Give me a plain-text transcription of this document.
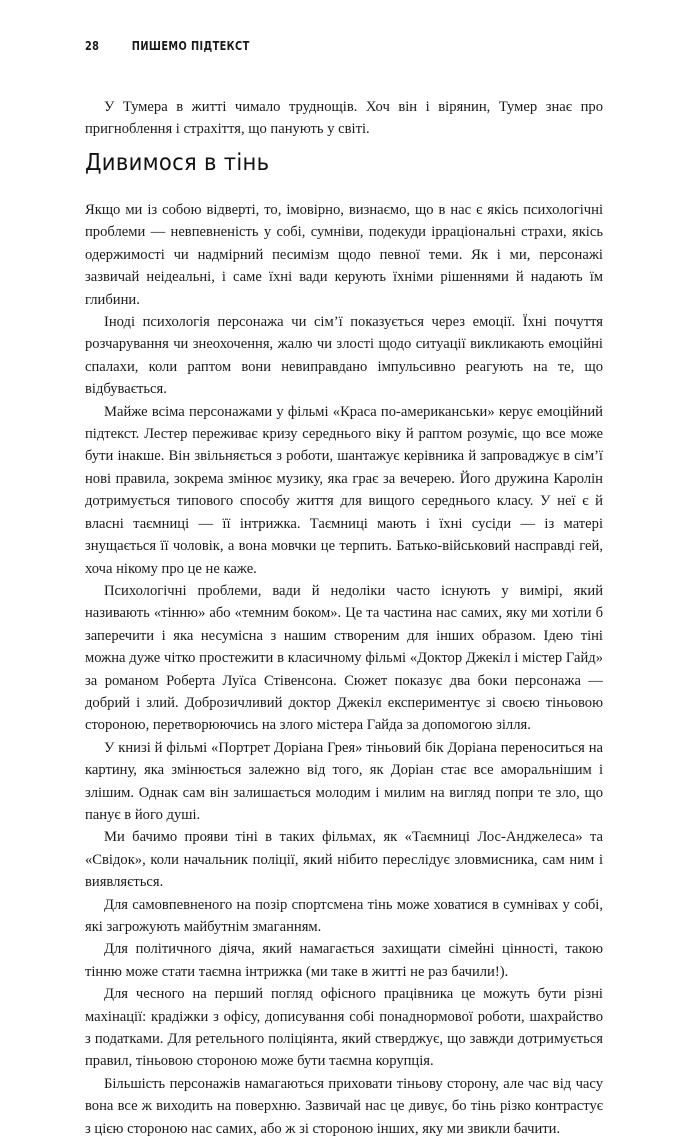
28	ПИШЕМО ПІДТЕКСТ

У Тумера в житті чимало труднощів. Хоч він і вірянин, Тумер знає про пригноблення і страхіття, що панують у світі.

Дивимося в тінь

Якщо ми із собою відверті, то, імовірно, визнаємо, що в нас є якісь психологічні проблеми — невпевненість у собі, сумніви, подекуди ірраціональні страхи, якісь одержимості чи надмірний песимізм щодо певної теми. Як і ми, персонажі зазвичай неідеальні, і саме їхні вади керують їхніми рішеннями й надають їм глибини.

Іноді психологія персонажа чи сім’ї показується через емоції. Їхні почуття розчарування чи знеохочення, жалю чи злості щодо ситуації викликають емоційні спалахи, коли раптом вони невиправдано імпульсивно реагують на те, що відбувається.

Майже всіма персонажами у фільмі «Краса по-американськи» керує емоційний підтекст. Лестер переживає кризу середнього віку й раптом розуміє, що все може бути інакше. Він звільняється з роботи, шантажує керівника й запроваджує в сім’ї нові правила, зокрема змінює музику, яка грає за вечерею. Його дружина Каролін дотримується типового способу життя для вищого середнього класу. У неї є й власні таємниці — її інтрижка. Таємниці мають і їхні сусіди — із матері знущається її чоловік, а вона мовчки це терпить. Батько-військовий насправді гей, хоча нікому про це не каже.

Психологічні проблеми, вади й недоліки часто існують у вимірі, який називають «тінню» або «темним боком». Це та частина нас самих, яку ми хотіли б заперечити і яка несумісна з нашим створеним для інших образом. Ідею тіні можна дуже чітко простежити в класичному фільмі «Доктор Джекіл і містер Гайд» за романом Роберта Луїса Стівенсона. Сюжет показує два боки персонажа — добрий і злий. Доброзичливий доктор Джекіл експериментує зі своєю тіньовою стороною, перетворюючись на злого містера Гайда за допомогою зілля.

У книзі й фільмі «Портрет Доріана Грея» тіньовий бік Доріана переноситься на картину, яка змінюється залежно від того, як Доріан стає все аморальнішим і злішим. Однак сам він залишається молодим і милим на вигляд попри те зло, що панує в його душі.

Ми бачимо прояви тіні в таких фільмах, як «Таємниці Лос-Анджелеса» та «Свідок», коли начальник поліції, який нібито переслідує зловмисника, сам ним і виявляється.

Для самовпевненого на позір спортсмена тінь може ховатися в сумнівах у собі, які загрожують майбутнім змаганням.

Для політичного діяча, який намагається захищати сімейні цінності, такою тінню може стати таємна інтрижка (ми таке в житті не раз бачили!).

Для чесного на перший погляд офісного працівника це можуть бути різні махінації: крадіжки з офісу, дописування собі понаднормової роботи, шахрайство з податками. Для ретельного поліціянта, який стверджує, що завжди дотримується правил, тіньовою стороною може бути таємна корупція.

Більшість персонажів намагаються приховати тіньову сторону, але час від часу вона все ж виходить на поверхню. Зазвичай нас це дивує, бо тінь різко контрастує з цією стороною нас самих, або ж зі стороною інших, яку ми звикли бачити.
